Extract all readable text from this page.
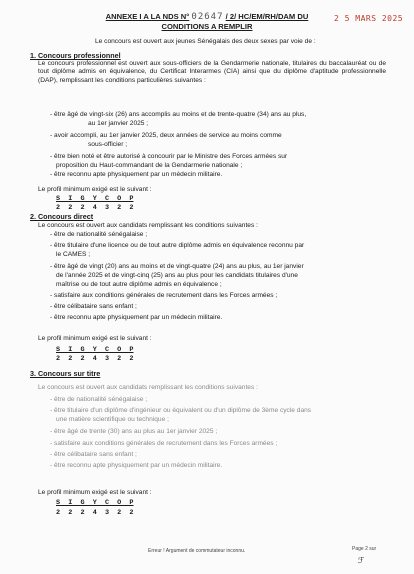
ANNEXE I A LA NDS N° 02647 / 2/ HC/EM/RH/DAM DU
CONDITIONS A REMPLIR
2 5 MARS 2025
Le concours est ouvert aux jeunes Sénégalais des deux sexes par voie de :
1. Concours professionnel
Le concours professionnel est ouvert aux sous-officiers de la Gendarmerie nationale, titulaires du baccalauréat ou de tout diplôme admis en équivalence, du Certificat Interarmes (CIA) ainsi que du diplôme d'aptitude professionnelle (DAP), remplissant les conditions particulières suivantes :
- être âgé de vingt-six (26) ans accomplis au moins et de trente-quatre (34) ans au plus,
au 1er janvier 2025 ;
- avoir accompli, au 1er janvier 2025, deux années de service au moins comme
sous-officier ;
- être bien noté et être autorisé à concourir par le Ministre des Forces armées sur
proposition du Haut-commandant de la Gendarmerie nationale ;
- être reconnu apte physiquement par un médecin militaire.
Le profil minimum exigé est le suivant :
S  I  G  Y  C  O  P
2  2  2  4  3  2  2
2. Concours direct
Le concours est ouvert aux candidats remplissant les conditions suivantes :
- être de nationalité sénégalaise ;
- être titulaire d'une licence ou de tout autre diplôme admis en équivalence reconnu par
le CAMES ;
- être âgé de vingt (20) ans au moins et de vingt-quatre (24) ans au plus, au 1er janvier
de l'année 2025 et de vingt-cinq (25) ans au plus pour les candidats titulaires d'une
maîtrise ou de tout autre diplôme admis en équivalence ;
- satisfaire aux conditions générales de recrutement dans les Forces armées ;
- être célibataire sans enfant ;
- être reconnu apte physiquement par un médecin militaire.
Le profil minimum exigé est le suivant :
S  I  G  Y  C  O  P
2  2  2  4  3  2  2
3. Concours sur titre
Le concours est ouvert aux candidats remplissant les conditions suivantes :
- être de nationalité sénégalaise ;
- être titulaire d'un diplôme d'ingénieur ou équivalent ou d'un diplôme de 3ème cycle dans
une matière scientifique ou technique ;
- être âgé de trente (30) ans au plus au 1er janvier 2025 ;
- satisfaire aux conditions générales de recrutement dans les Forces armées ;
- être célibataire sans enfant ;
- être reconnu apte physiquement par un médecin militaire.
Le profil minimum exigé est le suivant :
S  I  G  Y  C  O  P
2  2  2  4  3  2  2
Erreur ! Argument de commutateur inconnu.	Page 2 sur
ℱ
